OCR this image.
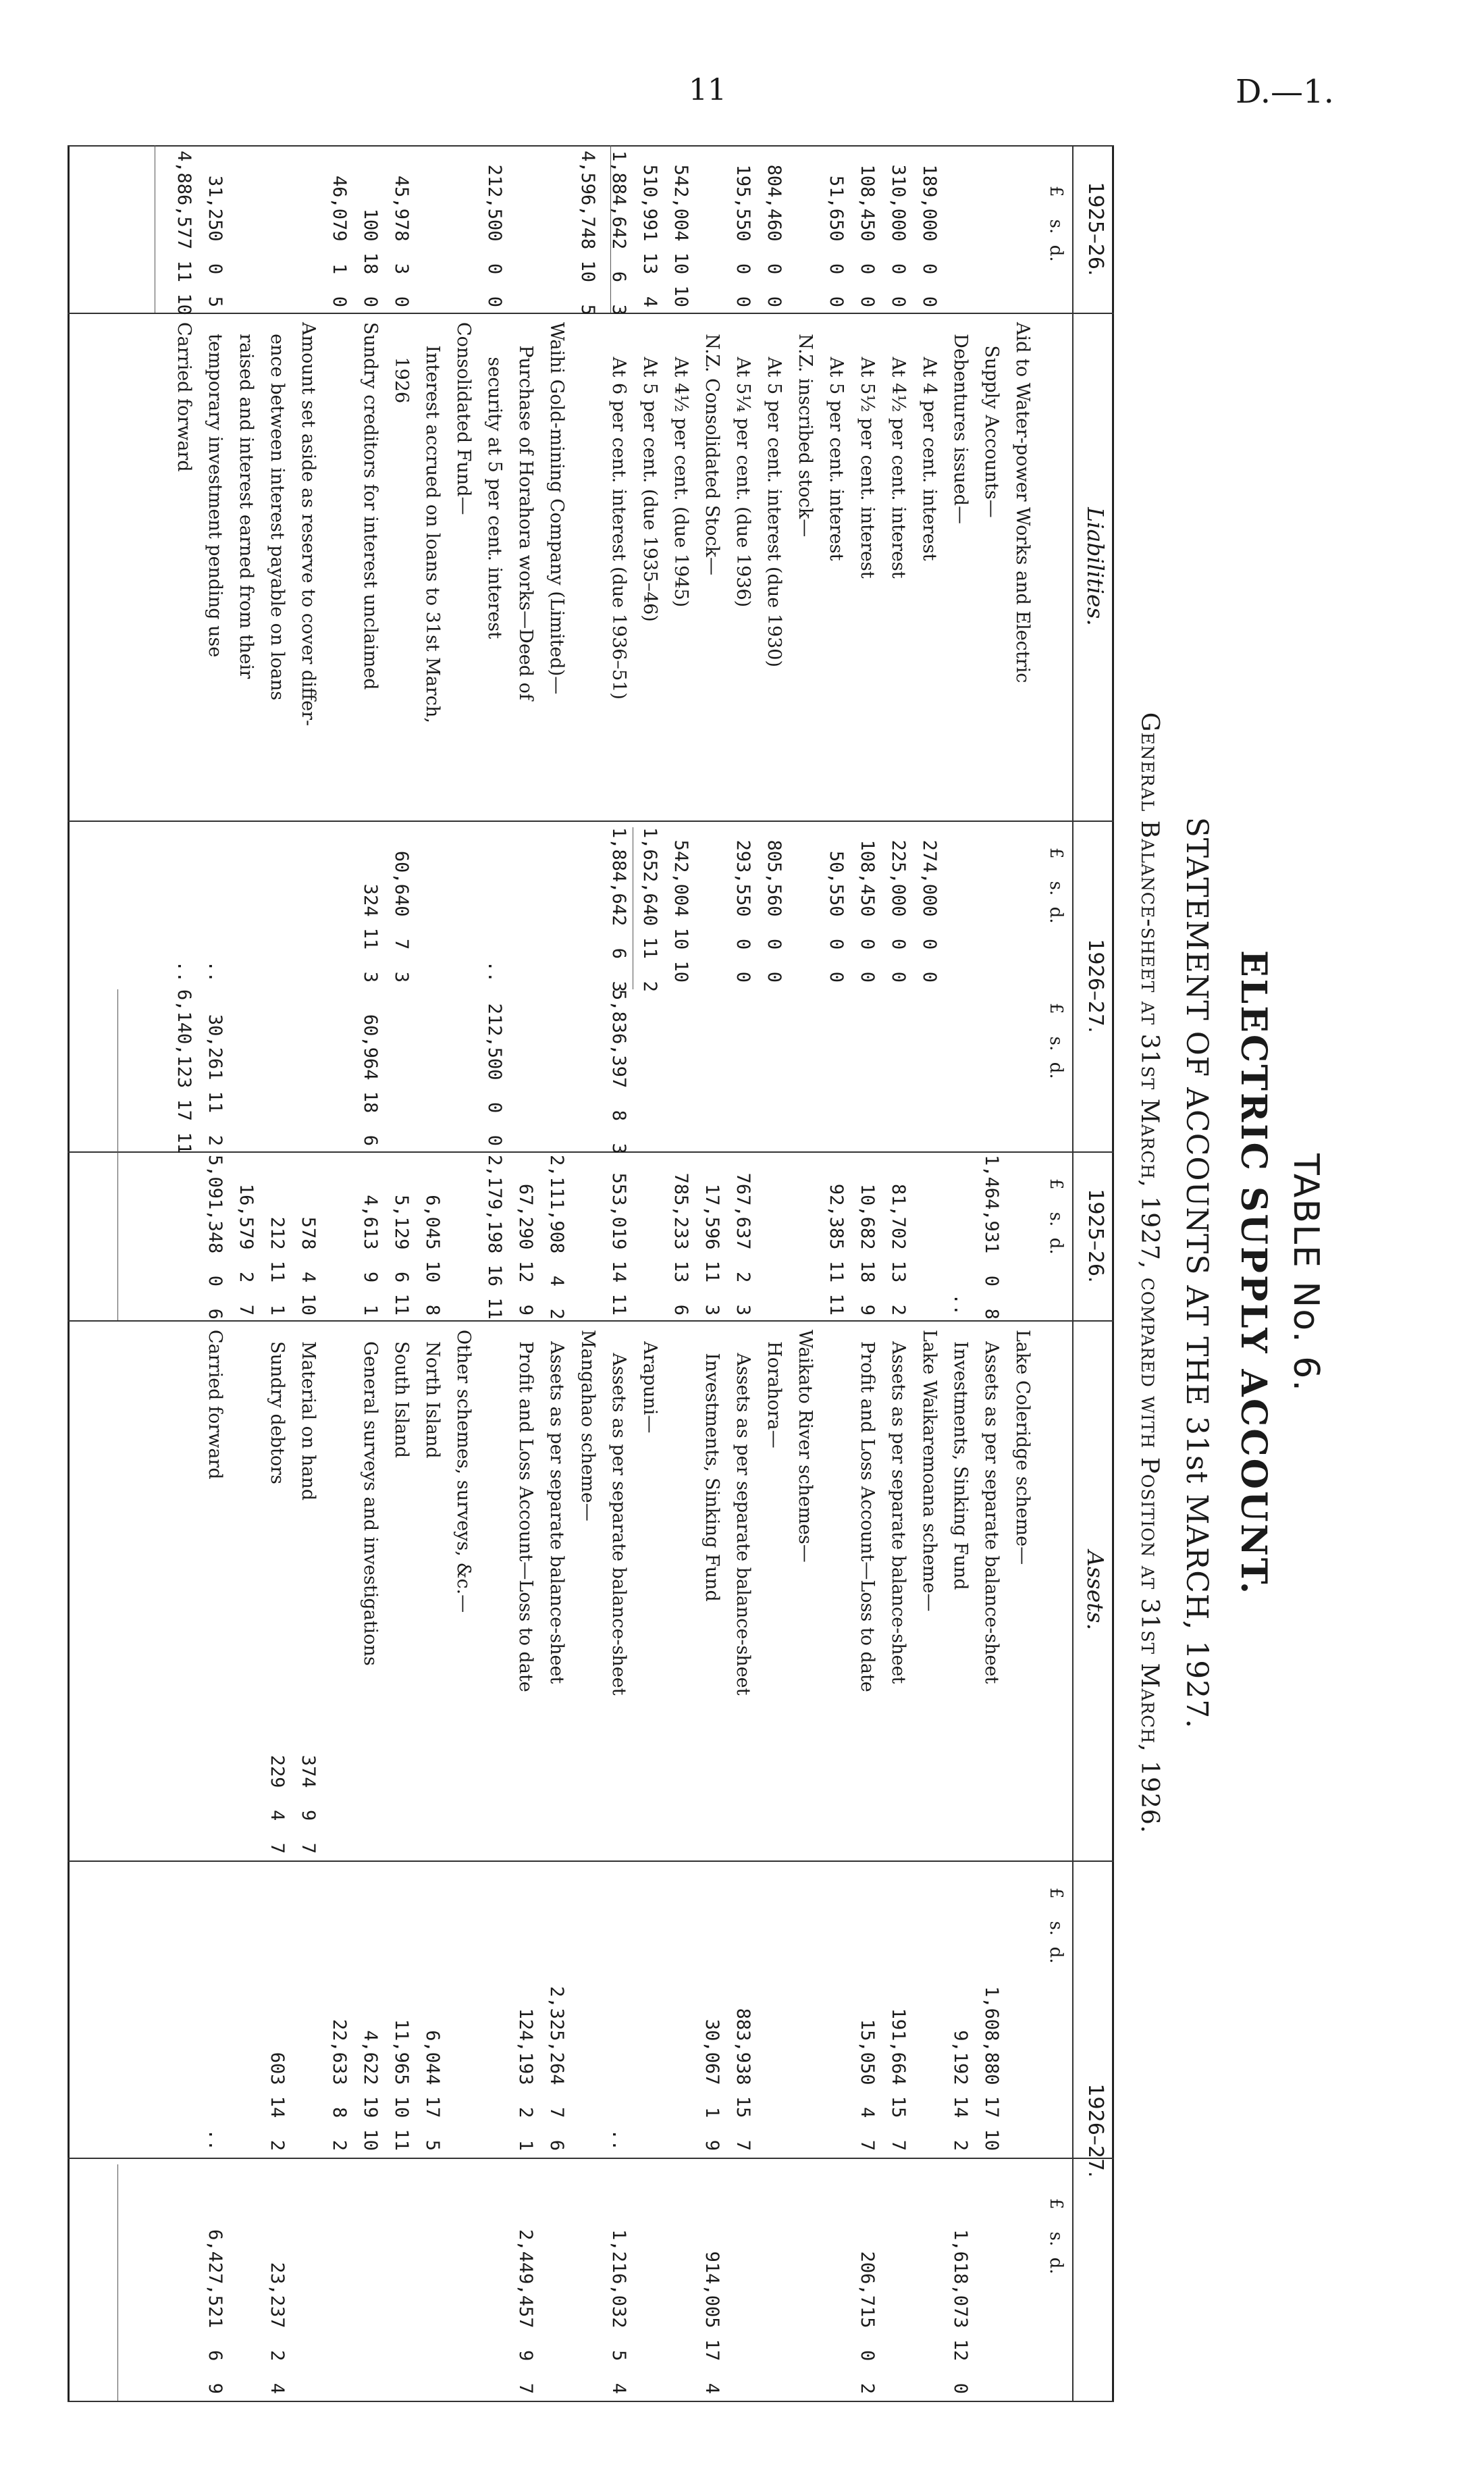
11	D.—1.
TABLE No. 6.
ELECTRIC SUPPLY ACCOUNT.
STATEMENT OF ACCOUNTS AT THE 31st MARCH, 1927.
General Balance-sheet at 31st March, 1927, compared with Position at 31st March, 1926.
1925–26.
Liabilities.
1926–27.
1925–26.
Assets.
1926–27.
£    s.  d.
£    s.  d.
£    s.  d.
£    s.  d.
£    s.  d.
£    s.  d.
Aid to Water-power Works and Electric
Supply Accounts—
Debentures issued—
At 4 per cent. interest
189,000  0  0
274,000  0  0
At 4½ per cent. interest
310,000  0  0
225,000  0  0
At 5½ per cent. interest
108,450  0  0
108,450  0  0
At 5 per cent. interest
51,650  0  0
50,550  0  0
N.Z. inscribed stock—
At 5 per cent. interest (due 1930)
804,460  0  0
805,560  0  0
At 5¼ per cent. (due 1936)
195,550  0  0
293,550  0  0
N.Z. Consolidated Stock—
At 4½ per cent. (due 1945)
542,004 10 10
542,004 10 10
At 5 per cent. (due 1935–46)
510,991 13  4
1,652,640 11  2
At 6 per cent. interest (due 1936–51)
1,884,642  6  3
1,884,642  6  3
5,836,397  8  3
4,596,748 10  5
Waihi Gold-mining Company (Limited)—
Purchase of Horahora works—Deed of
security at 5 per cent. interest
212,500  0  0
..
212,500  0  0
Consolidated Fund—
Interest accrued on loans to 31st March,
1926
45,978  3  0
60,640  7  3
Sundry creditors for interest unclaimed
100 18  0
324 11  3
60,964 18  6
46,079  1  0
Amount set aside as reserve to cover differ-
ence between interest payable on loans
raised and interest earned from their
temporary investment pending use
31,250  0  5
..
30,261 11  2
Carried forward
4,886,577 11 10
..
6,140,123 17 11
Lake Coleridge scheme—
Assets as per separate balance-sheet
1,464,931  0  8
1,608,880 17 10
Investments, Sinking Fund
..
9,192 14  2
1,618,073 12  0
Lake Waikaremoana scheme—
Assets as per separate balance-sheet
81,702 13  2
191,664 15  7
Profit and Loss Account—Loss to date
10,682 18  9
15,050  4  7
206,715  0  2
92,385 11 11
Waikato River schemes—
Horahora—
Assets as per separate balance-sheet
767,637  2  3
883,938 15  7
Investments, Sinking Fund
17,596 11  3
30,067  1  9
914,005 17  4
785,233 13  6
Arapuni—
Assets as per separate balance-sheet
553,019 14 11
..
1,216,032  5  4
Mangahao scheme—
Assets as per separate balance-sheet
2,111,908  4  2
2,325,264  7  6
Profit and Loss Account—Loss to date
67,290 12  9
124,193  2  1
2,449,457  9  7
2,179,198 16 11
Other schemes, surveys, &c.—
North Island
6,045 10  8
6,044 17  5
South Island
5,129  6 11
11,965 10 11
General surveys and investigations
4,613  9  1
4,622 19 10
22,633  8  2
Material on hand
374  9  7
578  4 10
Sundry debtors
229  4  7
212 11  1
603 14  2
23,237  2  4
16,579  2  7
Carried forward
5,091,348  0  6
..
6,427,521  6  9
